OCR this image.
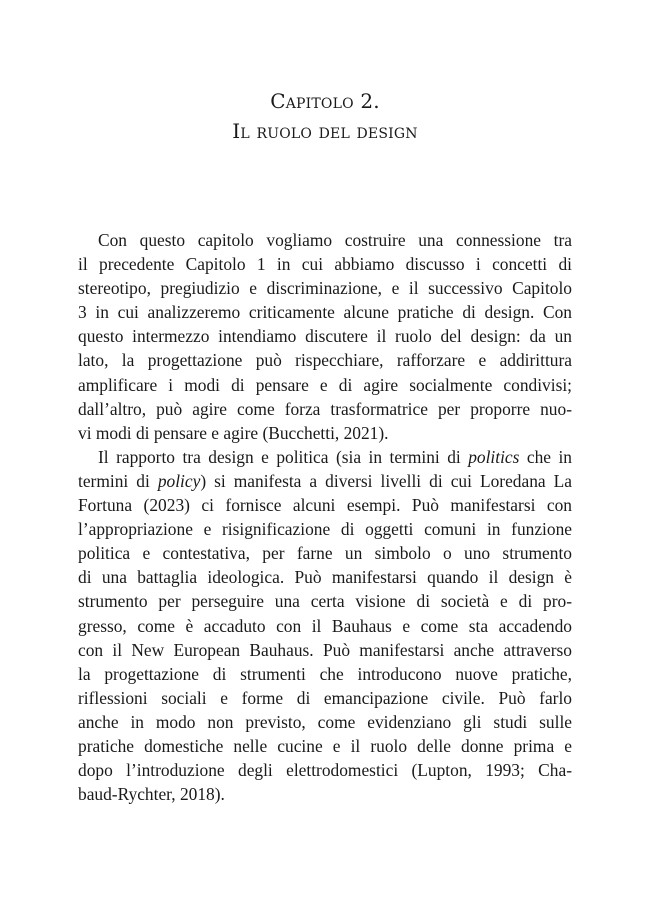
Capitolo 2.
Il ruolo del design
Con questo capitolo vogliamo costruire una connessione tra
il precedente Capitolo 1 in cui abbiamo discusso i concetti di
stereotipo, pregiudizio e discriminazione, e il successivo Capitolo
3 in cui analizzeremo criticamente alcune pratiche di design. Con
questo intermezzo intendiamo discutere il ruolo del design: da un
lato, la progettazione può rispecchiare, rafforzare e addirittura
amplificare i modi di pensare e di agire socialmente condivisi;
dall’altro, può agire come forza trasformatrice per proporre nuo-
vi modi di pensare e agire (Bucchetti, 2021).
Il rapporto tra design e politica (sia in termini di politics che in
termini di policy) si manifesta a diversi livelli di cui Loredana La
Fortuna (2023) ci fornisce alcuni esempi. Può manifestarsi con
l’appropriazione e risignificazione di oggetti comuni in funzione
politica e contestativa, per farne un simbolo o uno strumento
di una battaglia ideologica. Può manifestarsi quando il design è
strumento per perseguire una certa visione di società e di pro-
gresso, come è accaduto con il Bauhaus e come sta accadendo
con il New European Bauhaus. Può manifestarsi anche attraverso
la progettazione di strumenti che introducono nuove pratiche,
riflessioni sociali e forme di emancipazione civile. Può farlo
anche in modo non previsto, come evidenziano gli studi sulle
pratiche domestiche nelle cucine e il ruolo delle donne prima e
dopo l’introduzione degli elettrodomestici (Lupton, 1993; Cha-
baud-Rychter, 2018).
